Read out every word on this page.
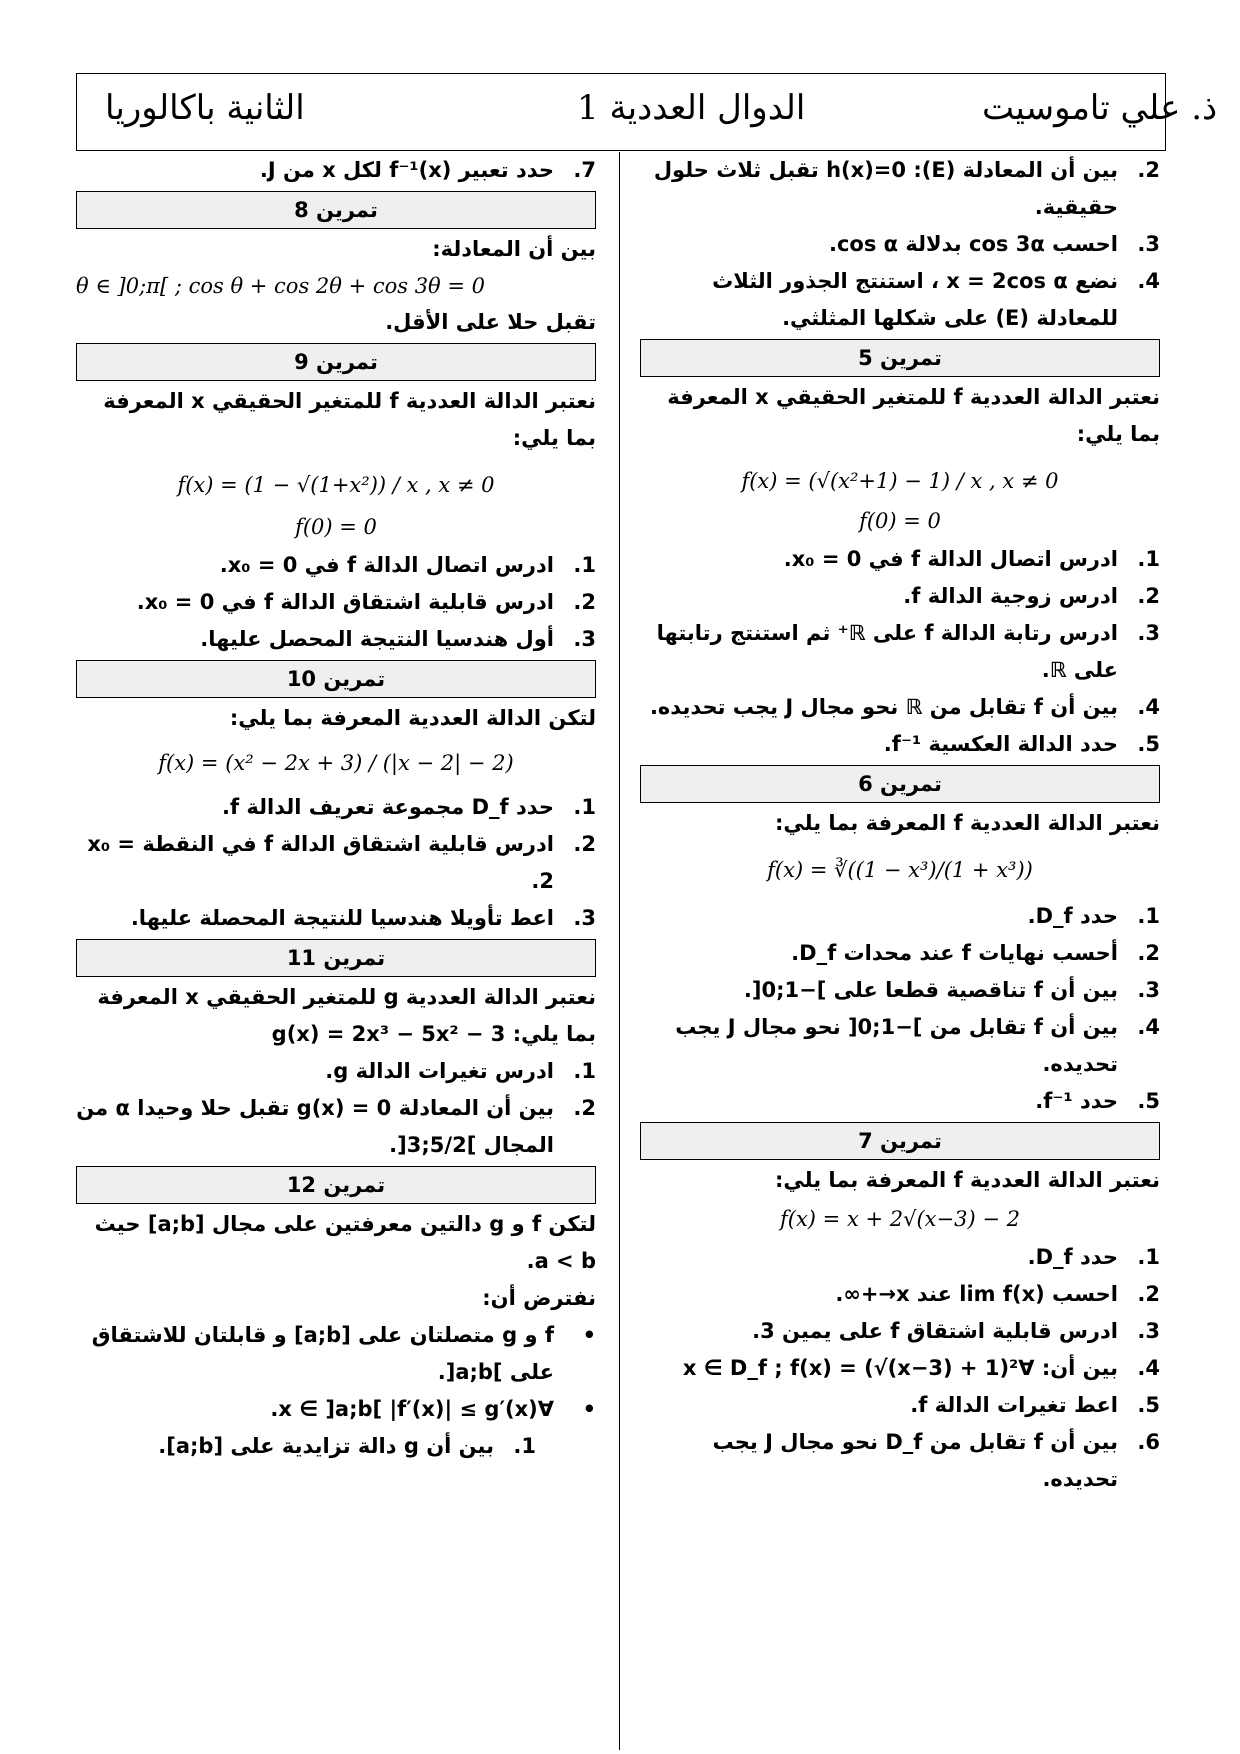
ذ. علي تاموسيت
الدوال العددية 1
الثانية باكالوريا
2.
بين أن المعادلة (E): h(x)=0 تقبل ثلاث حلول حقيقية.
3.
احسب cos 3α بدلالة cos α.
4.
نضع x = 2cos α ، استنتج الجذور الثلاث للمعادلة (E) على شكلها المثلثي.
تمرين 5
نعتبر الدالة العددية f للمتغير الحقيقي x المعرفة بما يلي:
f(x) = (√(x²+1) − 1) / x , x ≠ 0
f(0) = 0
1.
ادرس اتصال الدالة f في x₀ = 0.
2.
ادرس زوجية الدالة f.
3.
ادرس رتابة الدالة f على ℝ⁺ ثم استنتج رتابتها على ℝ.
4.
بين أن f تقابل من ℝ نحو مجال J يجب تحديده.
5.
حدد الدالة العكسية f⁻¹.
تمرين 6
نعتبر الدالة العددية f المعرفة بما يلي:
f(x) = ∛((1 − x³)/(1 + x³))
1.
حدد D_f.
2.
أحسب نهايات f عند محدات D_f.
3.
بين أن f تناقصية قطعا على ]−1;0[.
4.
بين أن f تقابل من ]−1;0[ نحو مجال J يجب تحديده.
5.
حدد f⁻¹.
تمرين 7
نعتبر الدالة العددية f المعرفة بما يلي:
f(x) = x + 2√(x−3) − 2
1.
حدد D_f.
2.
احسب lim f(x) عند x→+∞.
3.
ادرس قابلية اشتقاق f على يمين 3.
4.
بين أن: ∀x ∈ D_f ; f(x) = (√(x−3) + 1)²
5.
اعط تغيرات الدالة f.
6.
بين أن f تقابل من D_f نحو مجال J يجب تحديده.
7.
حدد تعبير f⁻¹(x) لكل x من J.
تمرين 8
بين أن المعادلة:
θ ∈ ]0;π[ ; cos θ + cos 2θ + cos 3θ = 0
تقبل حلا على الأقل.
تمرين 9
نعتبر الدالة العددية f للمتغير الحقيقي x المعرفة بما يلي:
f(x) = (1 − √(1+x²)) / x , x ≠ 0
f(0) = 0
1.
ادرس اتصال الدالة f في x₀ = 0.
2.
ادرس قابلية اشتقاق الدالة f في x₀ = 0.
3.
أول هندسيا النتيجة المحصل عليها.
تمرين 10
لتكن الدالة العددية المعرفة بما يلي:
f(x) = (x² − 2x + 3) / (|x − 2| − 2)
1.
حدد D_f مجموعة تعريف الدالة f.
2.
ادرس قابلية اشتقاق الدالة f في النقطة x₀ = 2.
3.
اعط تأويلا هندسيا للنتيجة المحصلة عليها.
تمرين 11
نعتبر الدالة العددية g للمتغير الحقيقي x المعرفة بما يلي: g(x) = 2x³ − 5x² − 3
1.
ادرس تغيرات الدالة g.
2.
بين أن المعادلة g(x) = 0 تقبل حلا وحيدا α من المجال ]5/2;3[.
تمرين 12
لتكن f و g دالتين معرفتين على مجال [a;b] حيث a < b.
نفترض أن:
•
f و g متصلتان على [a;b] و قابلتان للاشتقاق على ]a;b[.
•
∀x ∈ ]a;b[ |f′(x)| ≤ g′(x).
1.
بين أن g دالة تزايدية على [a;b].
